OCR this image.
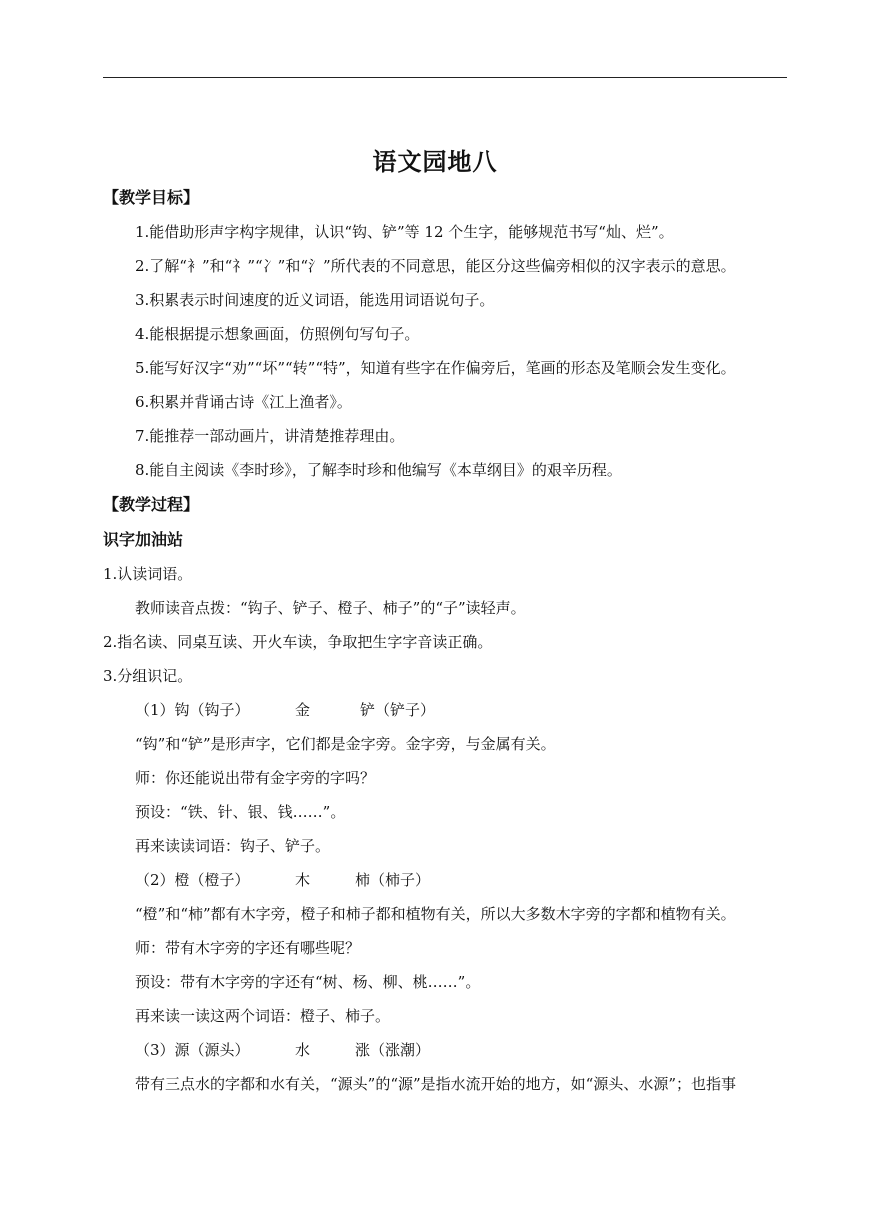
语文园地八
【教学目标】
1.能借助形声字构字规律，认识“钩、铲”等 12 个生字，能够规范书写“灿、烂”。
2.了解“衤”和“礻”“冫”和“氵”所代表的不同意思，能区分这些偏旁相似的汉字表示的意思。
3.积累表示时间速度的近义词语，能选用词语说句子。
4.能根据提示想象画面，仿照例句写句子。
5.能写好汉字“劝”“坏”“转”“特”，知道有些字在作偏旁后，笔画的形态及笔顺会发生变化。
6.积累并背诵古诗《江上渔者》。
7.能推荐一部动画片，讲清楚推荐理由。
8.能自主阅读《李时珍》，了解李时珍和他编写《本草纲目》的艰辛历程。
【教学过程】
识字加油站
1.认读词语。
教师读音点拨：“钩子、铲子、橙子、柿子”的“子”读轻声。
2.指名读、同桌互读、开火车读，争取把生字字音读正确。
3.分组识记。
（1）钩（钩子）	金	铲（铲子）
“钩”和“铲”是形声字，它们都是金字旁。金字旁，与金属有关。
师：你还能说出带有金字旁的字吗？
预设：“铁、针、银、钱……”。
再来读读词语：钩子、铲子。
（2）橙（橙子）	木	柿（柿子）
“橙”和“柿”都有木字旁，橙子和柿子都和植物有关，所以大多数木字旁的字都和植物有关。
师：带有木字旁的字还有哪些呢？
预设：带有木字旁的字还有“树、杨、柳、桃……”。
再来读一读这两个词语：橙子、柿子。
（3）源（源头）	水	涨（涨潮）
带有三点水的字都和水有关，“源头”的“源”是指水流开始的地方，如“源头、水源”；也指事
